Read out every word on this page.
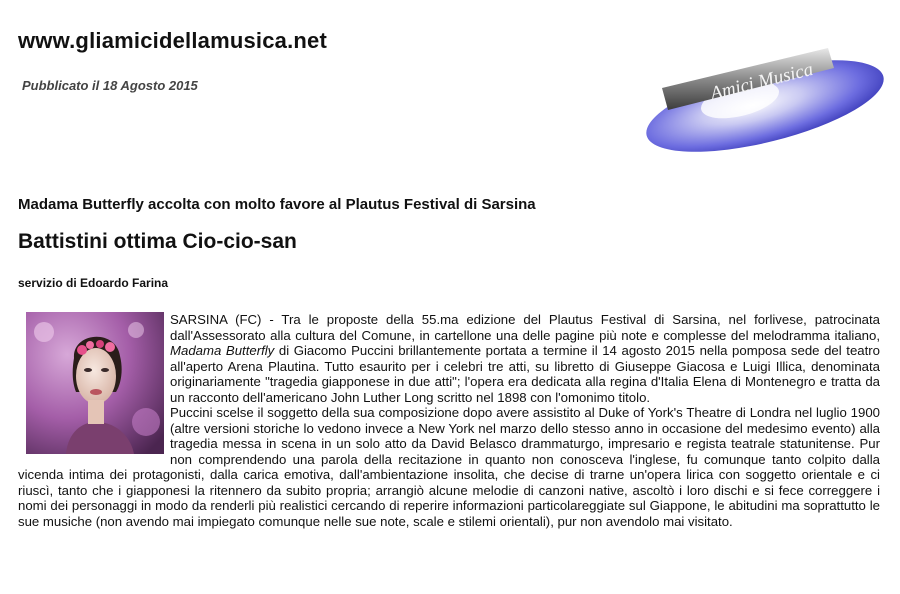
www.gliamicidellamusica.net
Pubblicato il 18 Agosto 2015	Amici Musica
Madama Butterfly accolta con molto favore al Plautus Festival di Sarsina
Battistini ottima Cio-cio-san
servizio di Edoardo Farina

SARSINA (FC) - Tra le proposte della 55.ma edizione del Plautus Festival di Sarsina, nel forlivese, patrocinata dall'Assessorato alla cultura del Comune, in cartellone una delle pagine più note e complesse del melodramma italiano, Madama Butterfly di Giacomo Puccini brillantemente portata a termine il 14 agosto 2015 nella pomposa sede del teatro all'aperto Arena Plautina. Tutto esaurito per i celebri tre atti, su libretto di Giuseppe Giacosa e Luigi Illica, denominata originariamente "tragedia giapponese in due atti"; l'opera era dedicata alla regina d'Italia Elena di Montenegro e tratta da un racconto dell'americano John Luther Long scritto nel 1898 con l'omonimo titolo.

Puccini scelse il soggetto della sua composizione dopo avere assistito al Duke of York's Theatre di Londra nel luglio 1900 (altre versioni storiche lo vedono invece a New York nel marzo dello stesso anno in occasione del medesimo evento) alla tragedia messa in scena in un solo atto da David Belasco drammaturgo, impresario e regista teatrale statunitense. Pur non comprendendo una parola della recitazione in quanto non conosceva l'inglese, fu comunque tanto colpito dalla vicenda intima dei protagonisti, dalla carica emotiva, dall'ambientazione insolita, che decise di trarne un'opera lirica con soggetto orientale e ci riuscì, tanto che i giapponesi la ritennero da subito propria; arrangiò alcune melodie di canzoni native, ascoltò i loro dischi e si fece correggere i nomi dei personaggi in modo da renderli più realistici cercando di reperire informazioni particolareggiate sul Giappone, le abitudini ma soprattutto le sue musiche (non avendo mai impiegato comunque nelle sue note, scale e stilemi orientali), pur non avendolo mai visitato.
